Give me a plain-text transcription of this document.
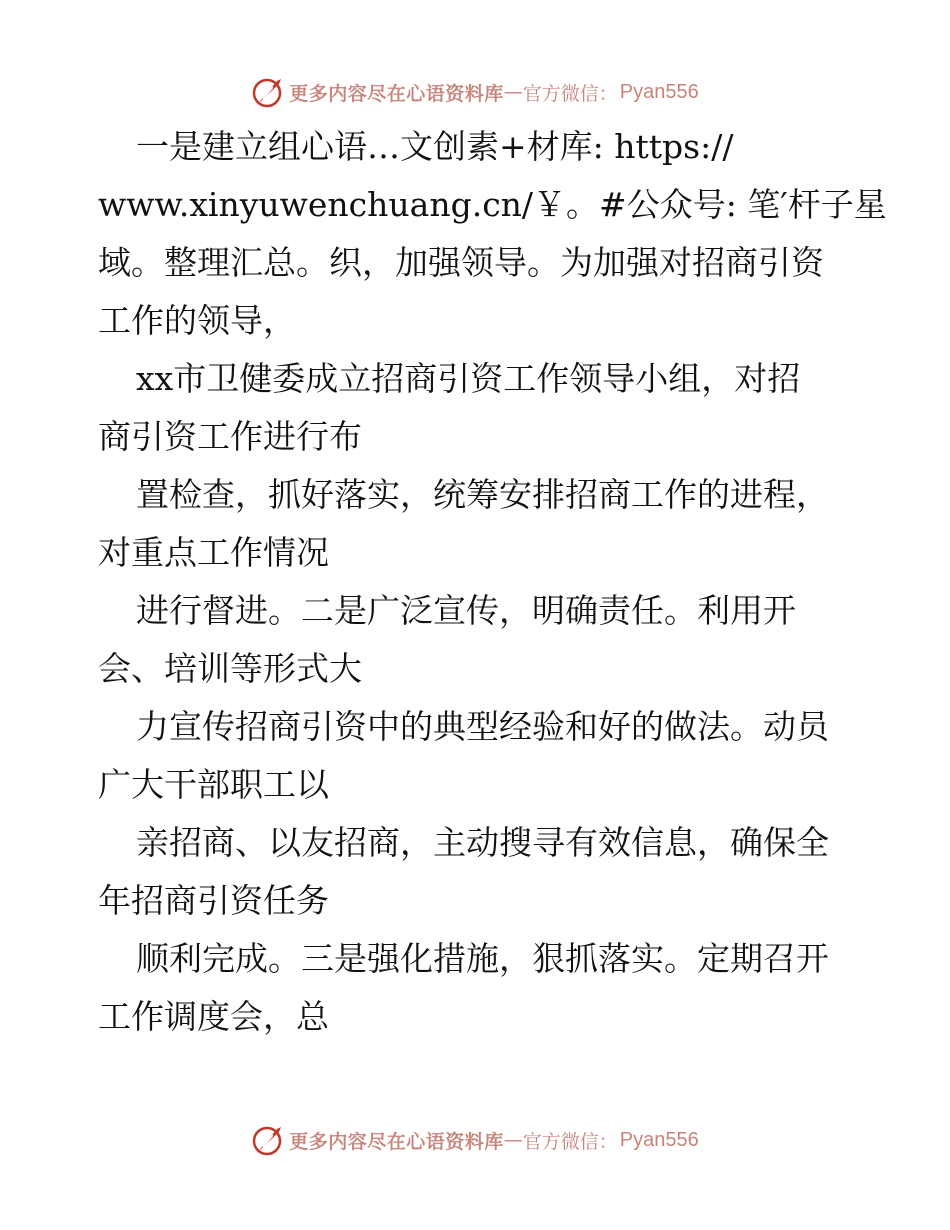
更多内容尽在心语资料库 — 官方微信： Pyan556

一是建立组心语…文创素+材库: https://
www.xinyuwenchuang.cn/￥。#公众号: 笔′杆子星
域。整理汇总。织，加强领导。为加强对招商引资
工作的领导，

xx市卫健委成立招商引资工作领导小组，对招
商引资工作进行布

置检查，抓好落实，统筹安排招商工作的进程，
对重点工作情况

进行督进。二是广泛宣传，明确责任。利用开
会、培训等形式大

力宣传招商引资中的典型经验和好的做法。动员
广大干部职工以

亲招商、以友招商，主动搜寻有效信息，确保全
年招商引资任务

顺利完成。三是强化措施，狠抓落实。定期召开
工作调度会，总

更多内容尽在心语资料库 — 官方微信： Pyan556
